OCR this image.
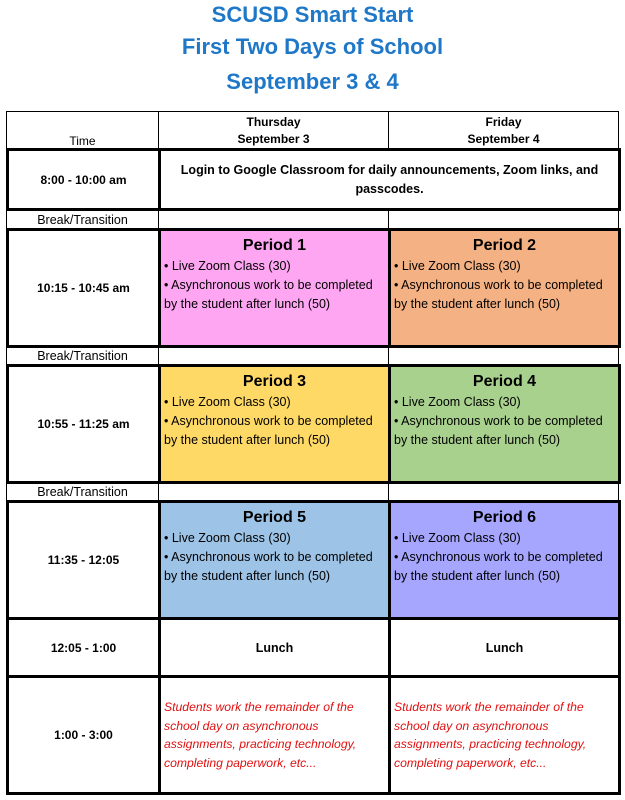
SCUSD Smart Start
First Two Days of School
September 3 & 4
Time
Thursday
September 3
Friday
September 4
8:00 - 10:00 am
Login to Google Classroom for daily announcements, Zoom links, and passcodes.
Break/Transition
10:15 - 10:45 am
Period 1
• Live Zoom Class (30)
• Asynchronous work to be completed by the student after lunch (50)
Period 2
• Live Zoom Class (30)
• Asynchronous work to be completed by the student after lunch (50)
Break/Transition
10:55 - 11:25 am
Period 3
• Live Zoom Class (30)
• Asynchronous work to be completed by the student after lunch (50)
Period 4
• Live Zoom Class (30)
• Asynchronous work to be completed by the student after lunch (50)
Break/Transition
11:35 - 12:05
Period 5
• Live Zoom Class (30)
• Asynchronous work to be completed by the student after lunch (50)
Period 6
• Live Zoom Class (30)
• Asynchronous work to be completed by the student after lunch (50)
12:05 - 1:00	Lunch	Lunch
1:00 - 3:00
Students work the remainder of the school day on asynchronous assignments, practicing technology, completing paperwork, etc...
Students work the remainder of the school day on asynchronous assignments, practicing technology, completing paperwork, etc...
